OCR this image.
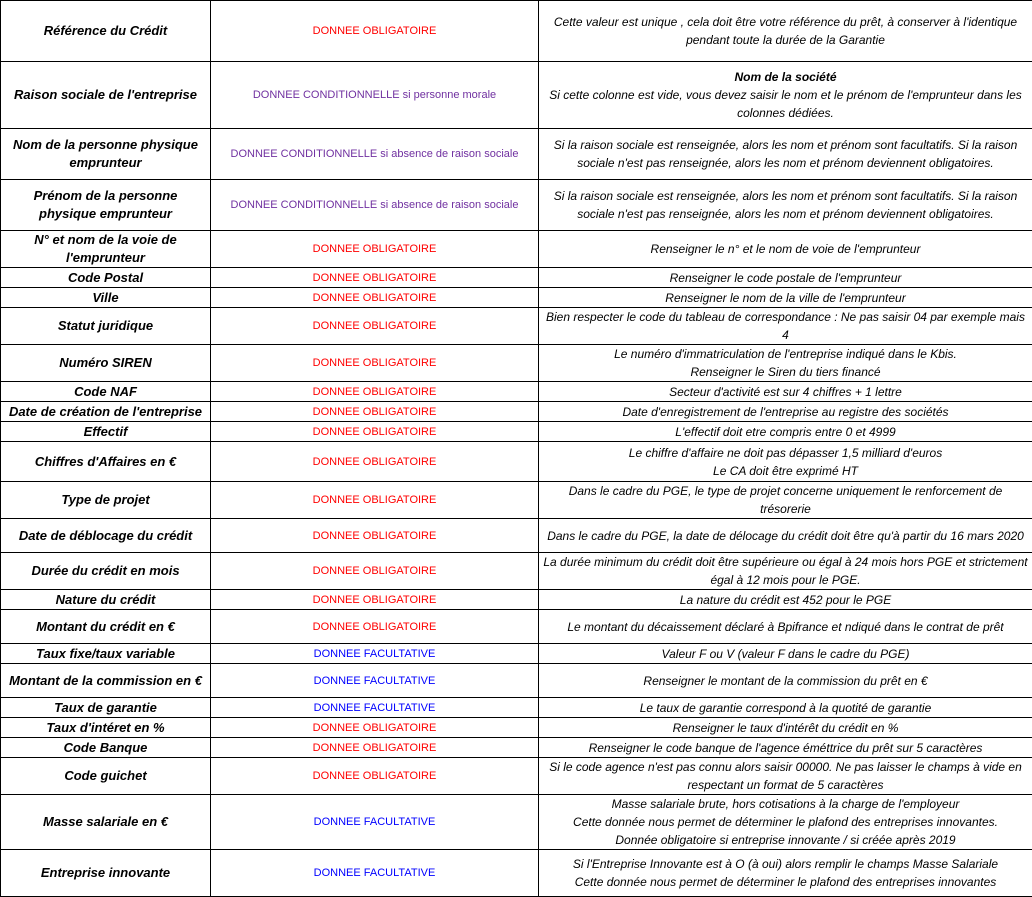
Référence du Crédit	DONNEE OBLIGATOIRE	Cette valeur est unique , cela doit être votre référence du prêt, à conserver à l'identique pendant toute la durée de la Garantie

Raison sociale de l'entreprise	DONNEE CONDITIONNELLE si personne morale	Nom de la société
Si cette colonne est vide, vous devez saisir le nom et le prénom de l'emprunteur dans les colonnes dédiées.

Nom de la personne physique emprunteur	DONNEE CONDITIONNELLE si absence de raison sociale	Si la raison sociale est renseignée, alors les nom et prénom sont facultatifs. Si la raison sociale n'est pas renseignée, alors les nom et prénom deviennent obligatoires.

Prénom de la personne physique emprunteur	DONNEE CONDITIONNELLE si absence de raison sociale	Si la raison sociale est renseignée, alors les nom et prénom sont facultatifs. Si la raison sociale n'est pas renseignée, alors les nom et prénom deviennent obligatoires.

N° et nom de la voie de l'emprunteur	DONNEE OBLIGATOIRE	Renseigner le n° et le nom de voie de l'emprunteur

Code Postal	DONNEE OBLIGATOIRE	Renseigner le code postale de l'emprunteur

Ville	DONNEE OBLIGATOIRE	Renseigner le nom de la ville de l'emprunteur

Statut juridique	DONNEE OBLIGATOIRE	Bien respecter le code du tableau de correspondance : Ne pas saisir 04 par exemple mais 4

Numéro SIREN	DONNEE OBLIGATOIRE	Le numéro d'immatriculation de l'entreprise indiqué dans le Kbis.
Renseigner le Siren du tiers financé

Code NAF	DONNEE OBLIGATOIRE	Secteur d'activité est sur 4 chiffres + 1 lettre

Date de création de l'entreprise	DONNEE OBLIGATOIRE	Date d'enregistrement de l'entreprise au registre des sociétés

Effectif	DONNEE OBLIGATOIRE	L'effectif doit etre compris entre 0 et 4999

Chiffres d'Affaires en €	DONNEE OBLIGATOIRE	Le chiffre d'affaire ne doit pas dépasser 1,5 milliard d'euros
Le CA doit être exprimé HT

Type de projet	DONNEE OBLIGATOIRE	Dans le cadre du PGE, le type de projet concerne uniquement le renforcement de trésorerie

Date de déblocage du crédit	DONNEE OBLIGATOIRE	Dans le cadre du PGE, la date de délocage du crédit doit être qu'à partir du 16 mars 2020

Durée du crédit en mois	DONNEE OBLIGATOIRE	La durée minimum du crédit doit être supérieure ou égal à 24 mois hors PGE et strictement égal à 12 mois pour le PGE.

Nature du crédit	DONNEE OBLIGATOIRE	La nature du crédit est 452 pour le PGE

Montant du crédit en €	DONNEE OBLIGATOIRE	Le montant du décaissement déclaré à Bpifrance et ndiqué dans le contrat de prêt

Taux fixe/taux variable	DONNEE FACULTATIVE	Valeur F ou V (valeur F dans le cadre du PGE)

Montant de la commission en €	DONNEE FACULTATIVE	Renseigner le montant de la commission du prêt en €

Taux de garantie	DONNEE FACULTATIVE	Le taux de garantie correspond à la quotité de garantie

Taux d'intéret en %	DONNEE OBLIGATOIRE	Renseigner le taux d'intérêt du crédit en %

Code Banque	DONNEE OBLIGATOIRE	Renseigner le code banque de l'agence éméttrice du prêt sur 5 caractères

Code guichet	DONNEE OBLIGATOIRE	Si le code agence n'est pas connu alors saisir 00000. Ne pas laisser le champs à vide en respectant un format de 5 caractères

Masse salariale en €	DONNEE FACULTATIVE	Masse salariale brute, hors cotisations à la charge de l'employeur
Cette donnée nous permet de déterminer le plafond des entreprises innovantes.
Donnée obligatoire si entreprise innovante / si créée après 2019

Entreprise innovante	DONNEE FACULTATIVE	Si l'Entreprise Innovante est à O (à oui) alors remplir le champs Masse Salariale
Cette donnée nous permet de déterminer le plafond des entreprises innovantes
